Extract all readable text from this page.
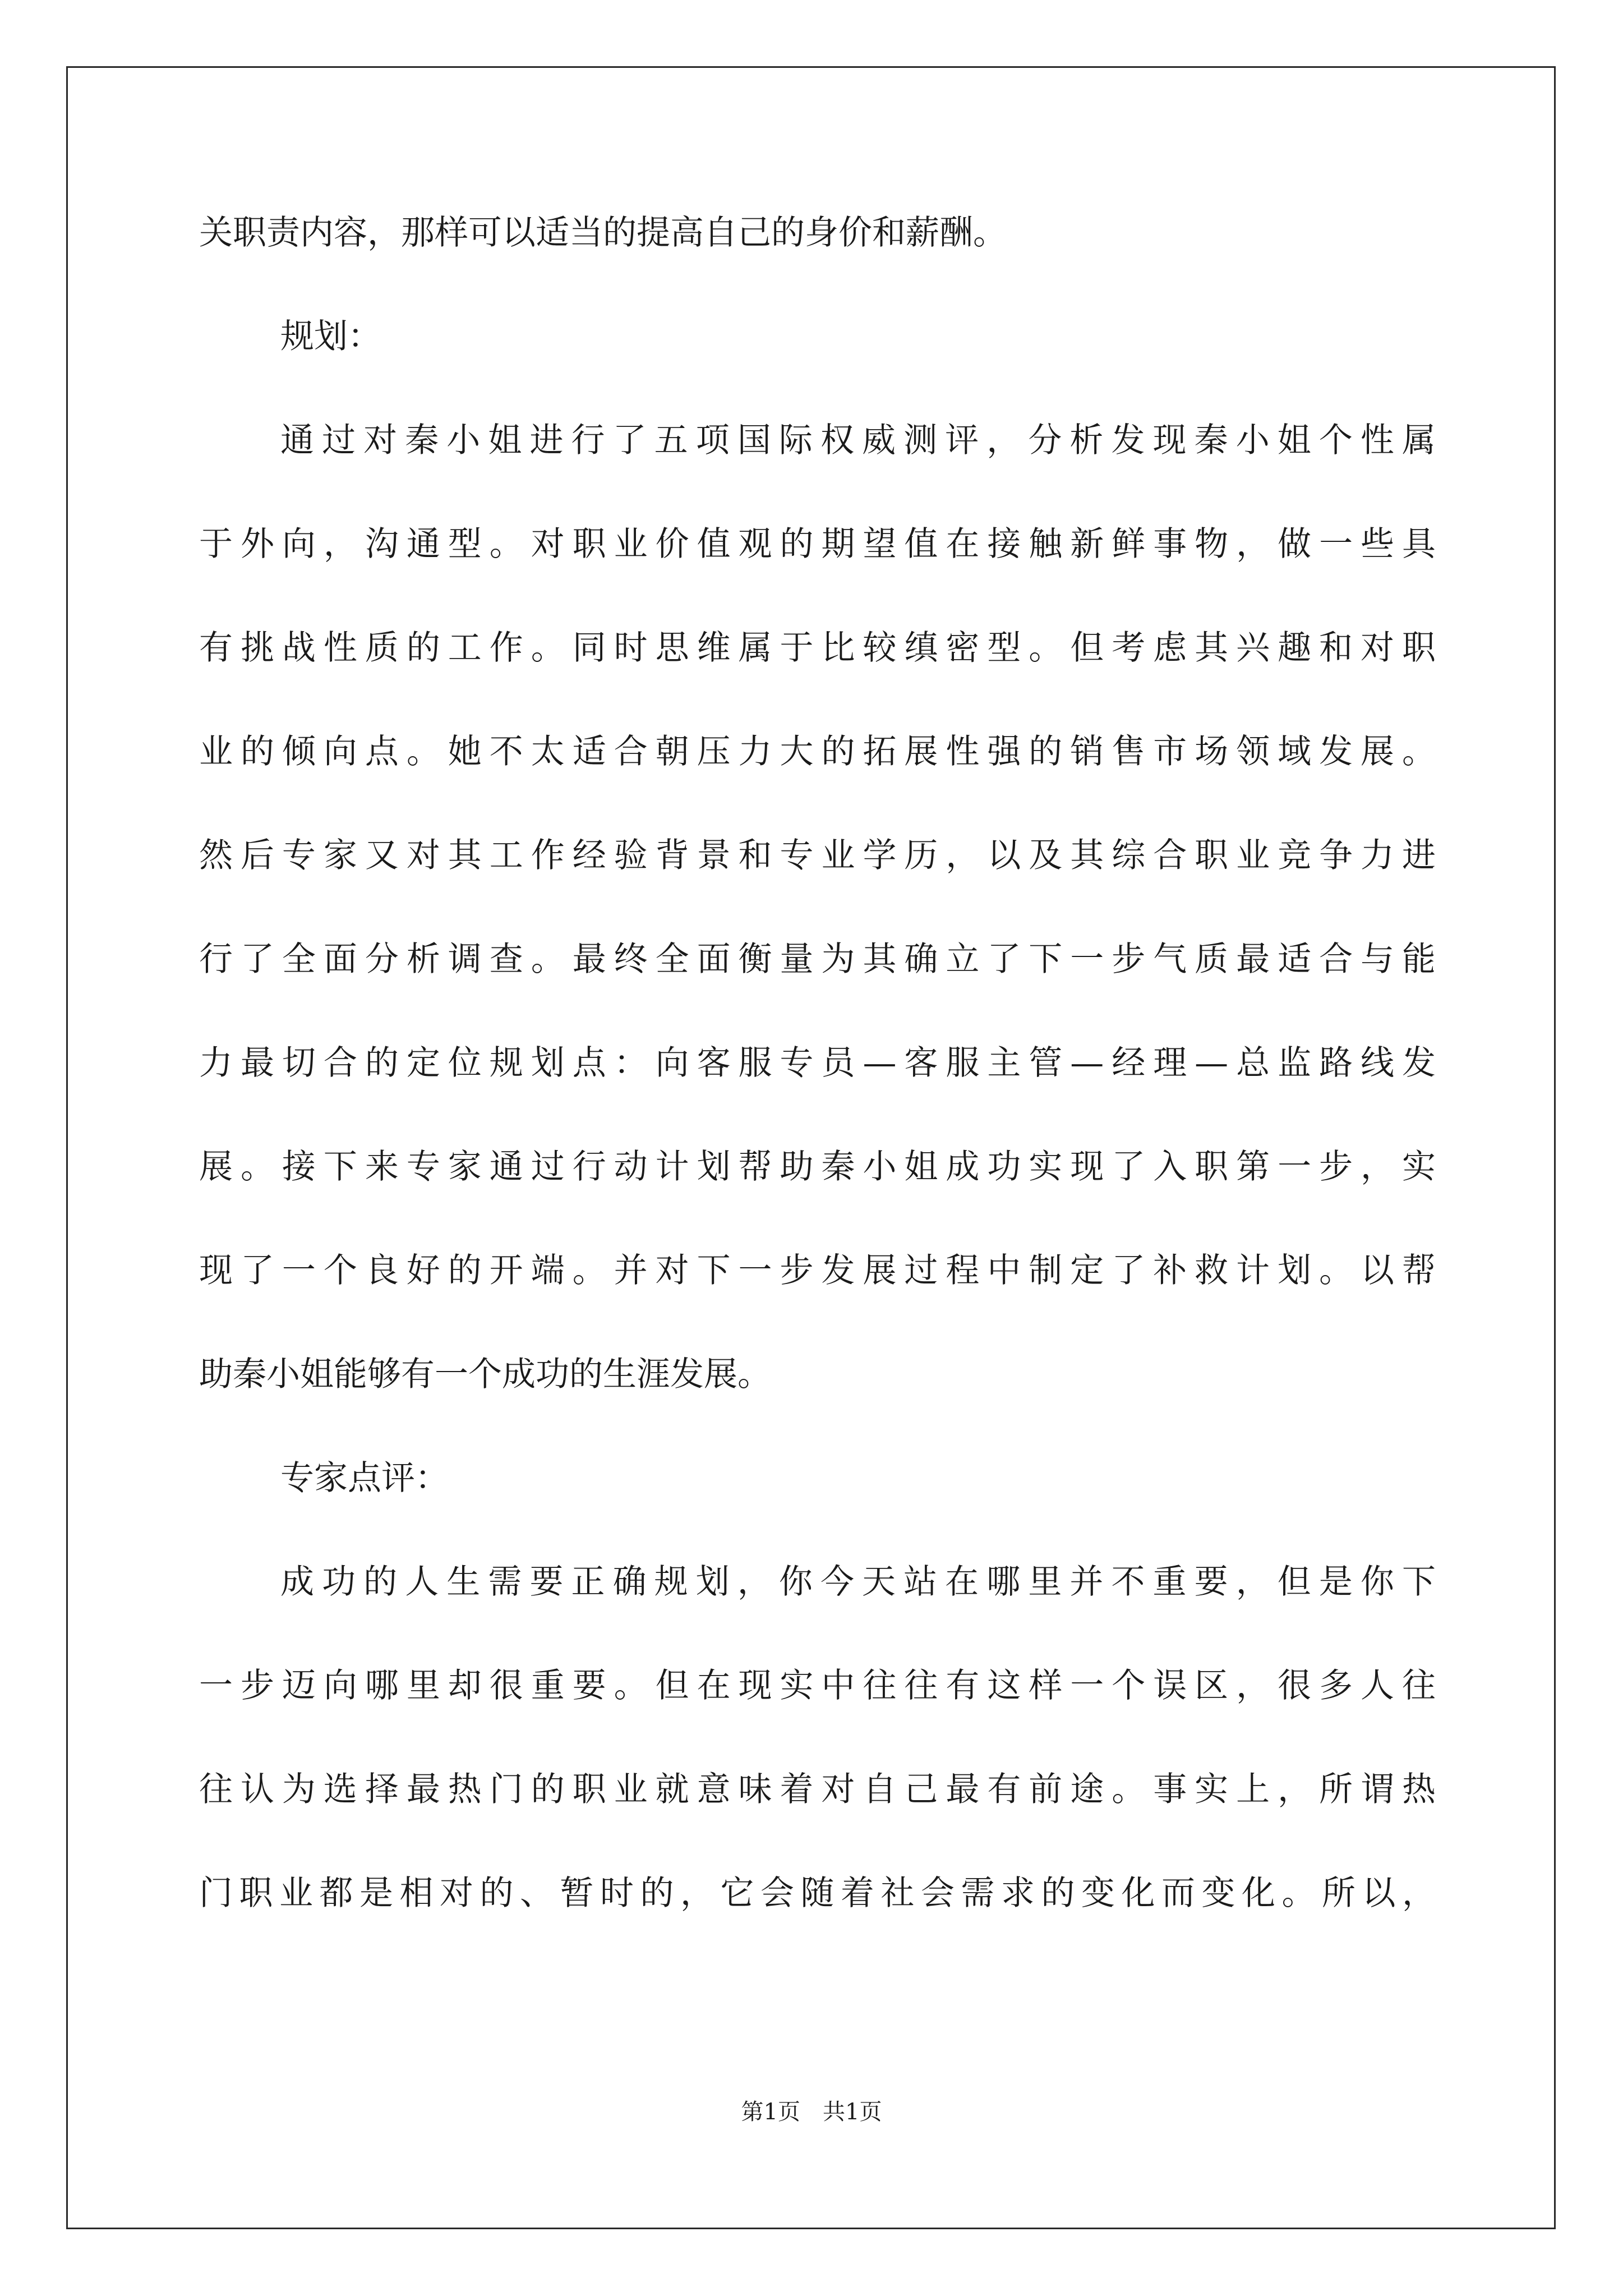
关职责内容，那样可以适当的提高自己的身价和薪酬。
规划：
通过对秦小姐进行了五项国际权威测评，分析发现秦小姐个性属
于外向，沟通型。对职业价值观的期望值在接触新鲜事物，做一些具
有挑战性质的工作。同时思维属于比较缜密型。但考虑其兴趣和对职
业的倾向点。她不太适合朝压力大的拓展性强的销售市场领域发展。
然后专家又对其工作经验背景和专业学历，以及其综合职业竞争力进
行了全面分析调查。最终全面衡量为其确立了下一步气质最适合与能
力最切合的定位规划点：向客服专员—客服主管—经理—总监路线发
展。接下来专家通过行动计划帮助秦小姐成功实现了入职第一步，实
现了一个良好的开端。并对下一步发展过程中制定了补救计划。以帮
助秦小姐能够有一个成功的生涯发展。
专家点评：
成功的人生需要正确规划，你今天站在哪里并不重要，但是你下
一步迈向哪里却很重要。但在现实中往往有这样一个误区，很多人往
往认为选择最热门的职业就意味着对自己最有前途。事实上，所谓热
门职业都是相对的、暂时的，它会随着社会需求的变化而变化。所以，
第1页　共1页
